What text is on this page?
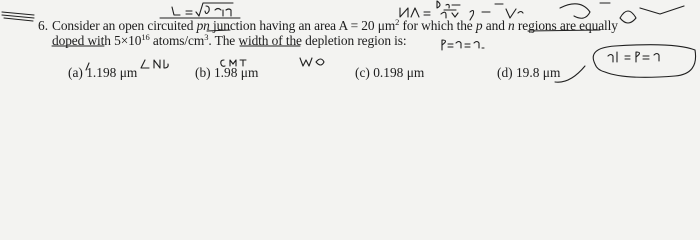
6. Consider an open circuited pn junction having an area A = 20 $\mu m^2$ for which the p and n regions are equally
doped with $5\times 10^{16}$ atoms/$cm^3$. The width of the depletion region is:
(a) 1.198 μm	(b) 1.98 μm	(c) 0.198 μm	(d) 19.8 μm
